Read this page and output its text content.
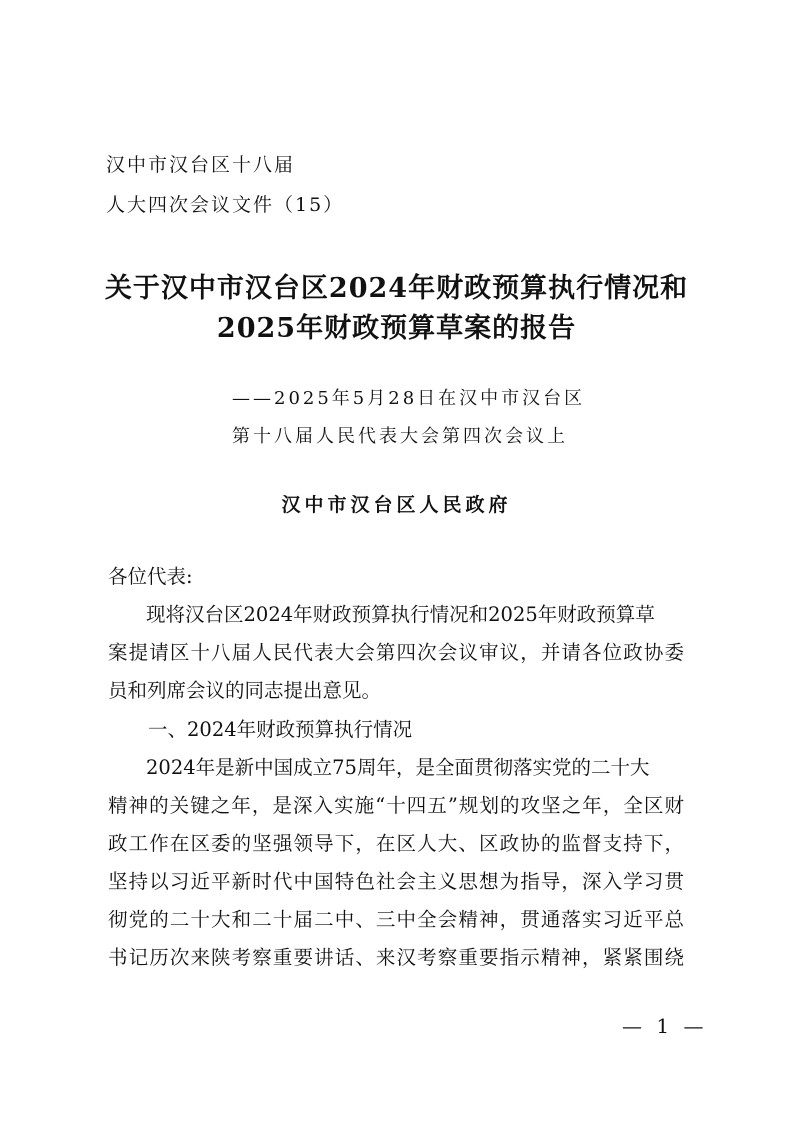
汉中市汉台区十八届
人大四次会议文件（15）
关于汉中市汉台区2024年财政预算执行情况和
2025年财政预算草案的报告
——2025年5月28日在汉中市汉台区
第十八届人民代表大会第四次会议上
汉中市汉台区人民政府
各位代表:
现将汉台区2024年财政预算执行情况和2025年财政预算草
案提请区十八届人民代表大会第四次会议审议，并请各位政协委
员和列席会议的同志提出意见。
一、2024年财政预算执行情况
2024年是新中国成立75周年，是全面贯彻落实党的二十大
精神的关键之年，是深入实施“十四五”规划的攻坚之年，全区财
政工作在区委的坚强领导下，在区人大、区政协的监督支持下，
坚持以习近平新时代中国特色社会主义思想为指导，深入学习贯
彻党的二十大和二十届二中、三中全会精神，贯通落实习近平总
书记历次来陕考察重要讲话、来汉考察重要指示精神，紧紧围绕
— 1 —
